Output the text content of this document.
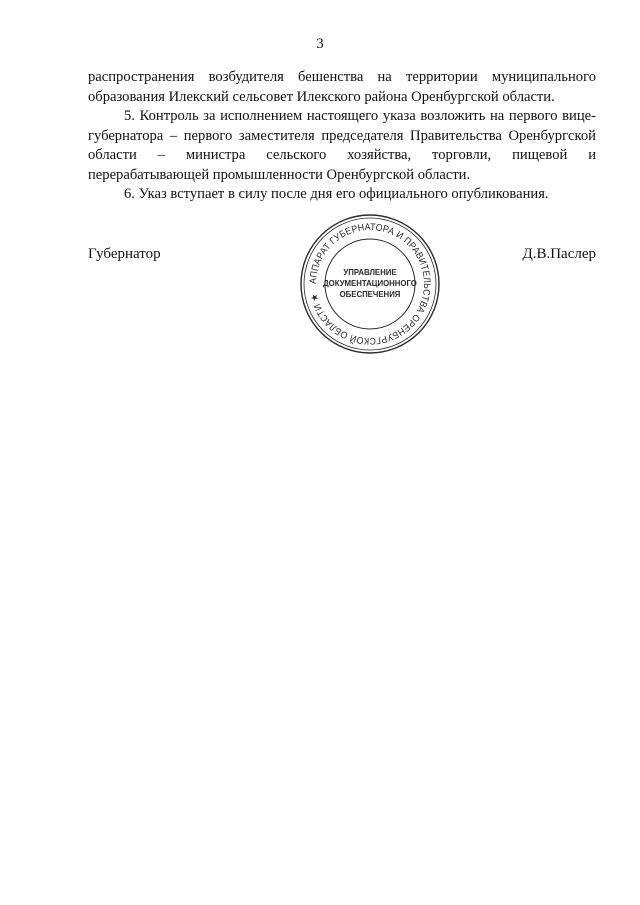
3

распространения возбудителя бешенства на территории муниципального образования Илекский сельсовет Илекского района Оренбургской области.

5. Контроль за исполнением настоящего указа возложить на первого вице-губернатора – первого заместителя председателя Правительства Оренбургской области – министра сельского хозяйства, торговли, пищевой и перерабатывающей промышленности Оренбургской области.

6. Указ вступает в силу после дня его официального опубликования.

Губернатор	Д.В.Паслер
АППАРАТ ГУБЕРНАТОРА И ПРАВИТЕЛЬСТВА ОРЕНБУРГСКОЙ ОБЛАСТИ ★
УПРАВЛЕНИЕ
ДОКУМЕНТАЦИОННОГО
ОБЕСПЕЧЕНИЯ
